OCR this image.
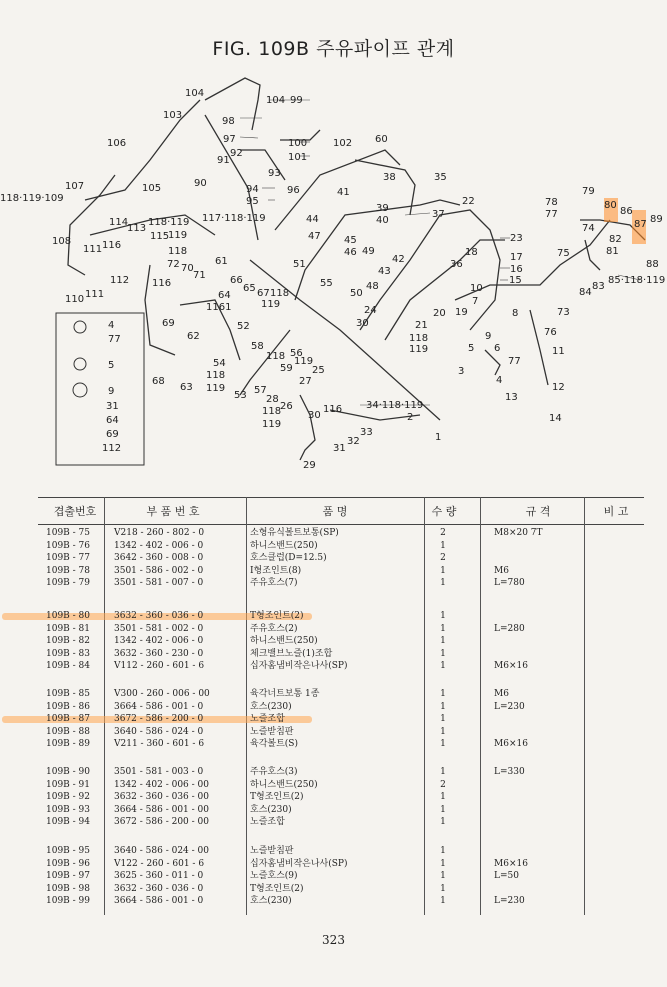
FIG. 109B 주유파이프 관계
104
103
104 99
98
97
92
91
93
90
94
95
96
100
101
102 60
106
105
107
118·119·109
108
111
111
110
114
113
116
112
118·119
115
119
118
72 70
71
117·118·119
61
41
38	35
39
40
37
22
44
47 45
46 49
43
42
51
55
50
48
79
78
77
80
86
87 89
74
82
81
75
88
85·118·119
84
83
23
17
16
15
18
36
10
7
8
19
21
20
118
119
9
5 6
73
76
77
11
3
4
12
13
14
116	66
64
65 67 118
119
1161
52
69
62
68
63
54
118
119
58
56
118
59
57
53
27
28
26
118
119
119
25
24
30
30
116 34·118·119
2
1
32
33
31
29
4
77
5
9
31
64
69
112
겹출번호	부 품 번 호	품 명	수 량	규 격	비 고
109B - 75	V218 - 260 - 802 - 0	소형유식볼트보통(SP)	2	M8×20 7T
109B - 76	1342 - 402 - 006 - 0	하니스밴드(250)	1
109B - 77	3642 - 360 - 008 - 0	호스클럽(D=12.5)	2
109B - 78	3501 - 586 - 002 - 0	I형조인트(8)	1	M6
109B - 79	3501 - 581 - 007 - 0	주유호스(7)	1	L=780
109B - 80	3632 - 360 - 036 - 0	T형조인트(2)	1
109B - 81	3501 - 581 - 002 - 0	주유호스(2)	1	L=280
109B - 82	1342 - 402 - 006 - 0	하니스밴드(250)	1
109B - 83	3632 - 360 - 230 - 0	체크밸브노즐(1)조합	1
109B - 84	V112 - 260 - 601 - 6	십자홈냄비작은나사(SP)	1	M6×16
109B - 85	V300 - 260 - 006 - 00	육각너트보통 1종	1	M6
109B - 86	3664 - 586 - 001 - 0	호스(230)	1	L=230
109B - 87	3672 - 586 - 200 - 0	노즐조합	1
109B - 88	3640 - 586 - 024 - 0	노즐받침판	1
109B - 89	V211 - 360 - 601 - 6	육각볼트(S)	1	M6×16
109B - 90	3501 - 581 - 003 - 0	주유호스(3)	1	L=330
109B - 91	1342 - 402 - 006 - 00	하니스밴드(250)	2
109B - 92	3632 - 360 - 036 - 00	T형조인트(2)	1
109B - 93	3664 - 586 - 001 - 00	호스(230)	1
109B - 94	3672 - 586 - 200 - 00	노즐조합	1
109B - 95	3640 - 586 - 024 - 00	노즐받침판	1
109B - 96	V122 - 260 - 601 - 6	십자홈냄비작은나사(SP)	1	M6×16
109B - 97	3625 - 360 - 011 - 0	노즐호스(9)	1	L=50
109B - 98	3632 - 360 - 036 - 0	T형조인트(2)	1
109B - 99	3664 - 586 - 001 - 0	호스(230)	1	L=230
323
